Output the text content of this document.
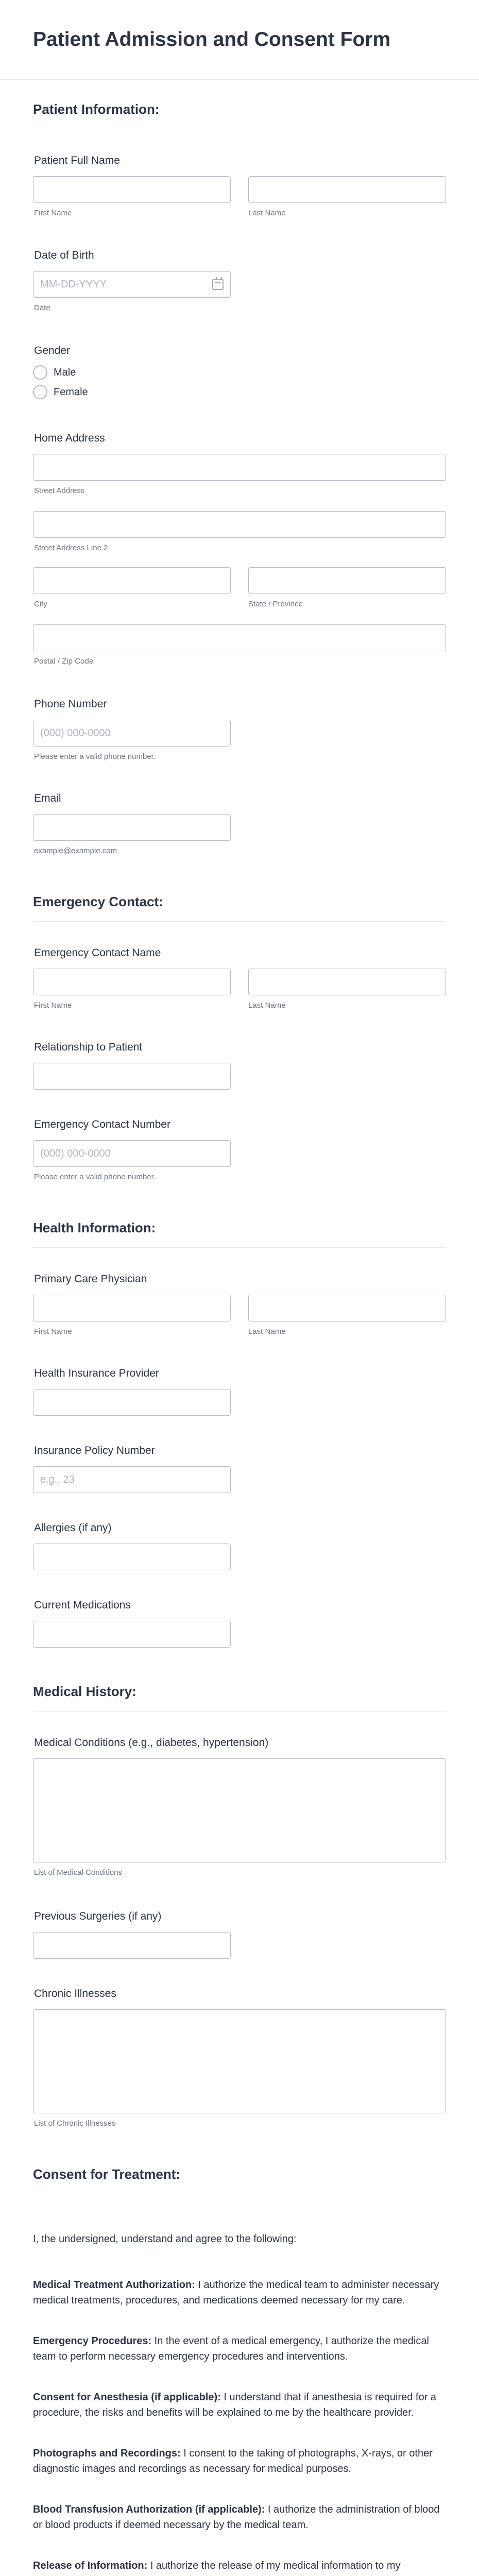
Patient Admission and Consent Form
Patient Information:
Patient Full Name
First Name	Last Name
Date of Birth
MM-DD-YYYY
Date
Gender
Male
Female
Home Address
Street Address
Street Address Line 2
City	State / Province
Postal / Zip Code
Phone Number
(000) 000-0000
Please enter a valid phone number.
Email
example@example.com
Emergency Contact:
Emergency Contact Name
First Name	Last Name
Relationship to Patient
Emergency Contact Number
(000) 000-0000
Please enter a valid phone number.
Health Information:
Primary Care Physician
First Name	Last Name
Health Insurance Provider
Insurance Policy Number
e.g., 23
Allergies (if any)
Current Medications
Medical History:
Medical Conditions (e.g., diabetes, hypertension)
List of Medical Conditions
Previous Surgeries (if any)
Chronic Illnesses
List of Chronic Illnesses
Consent for Treatment:

I, the undersigned, understand and agree to the following:

Medical Treatment Authorization: I authorize the medical team to administer necessary medical treatments, procedures, and medications deemed necessary for my care.

Emergency Procedures: In the event of a medical emergency, I authorize the medical team to perform necessary emergency procedures and interventions.

Consent for Anesthesia (if applicable): I understand that if anesthesia is required for a procedure, the risks and benefits will be explained to me by the healthcare provider.

Photographs and Recordings: I consent to the taking of photographs, X-rays, or other diagnostic images and recordings as necessary for medical purposes.

Blood Transfusion Authorization (if applicable): I authorize the administration of blood or blood products if deemed necessary by the medical team.

Release of Information: I authorize the release of my medical information to my
